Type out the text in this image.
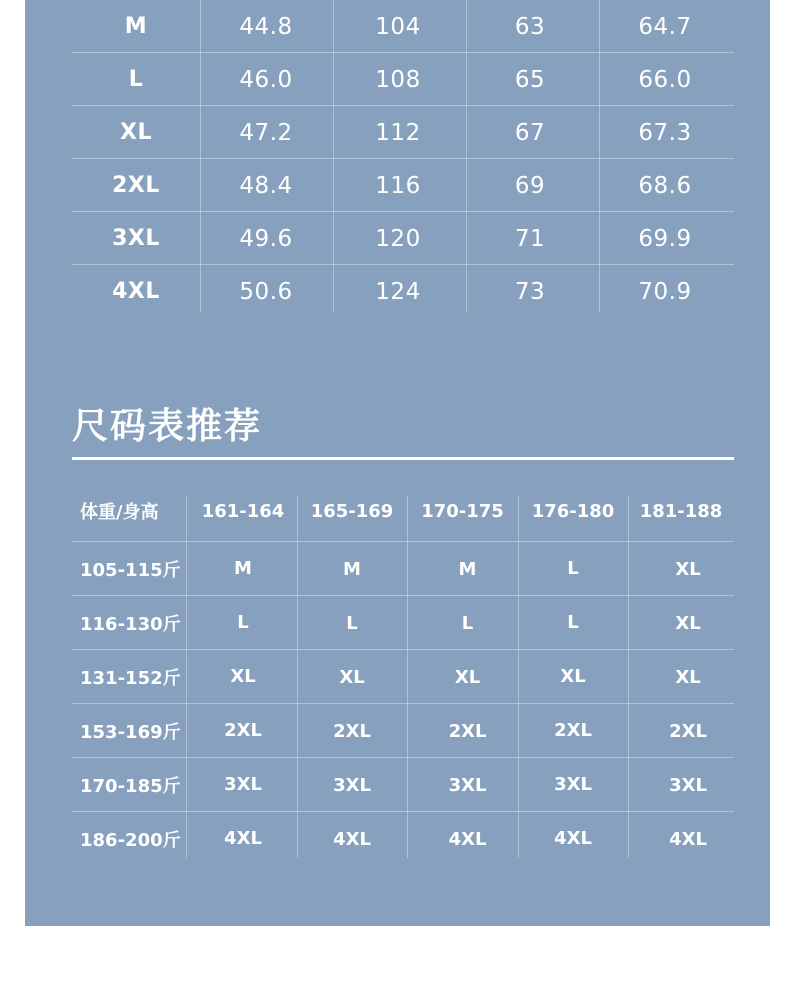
M	44.8	104	63	64.7
L	46.0	108	65	66.0
XL	47.2	112	67	67.3
2XL	48.4	116	69	68.6
3XL	49.6	120	71	69.9
4XL	50.6	124	73	70.9
尺码表推荐
体重/身高	161-164	165-169	170-175	176-180	181-188
105-115斤	M	M	M	L	XL
116-130斤	L	L	L	L	XL
131-152斤	XL	XL	XL	XL	XL
153-169斤	2XL	2XL	2XL	2XL	2XL
170-185斤	3XL	3XL	3XL	3XL	3XL
186-200斤	4XL	4XL	4XL	4XL	4XL
